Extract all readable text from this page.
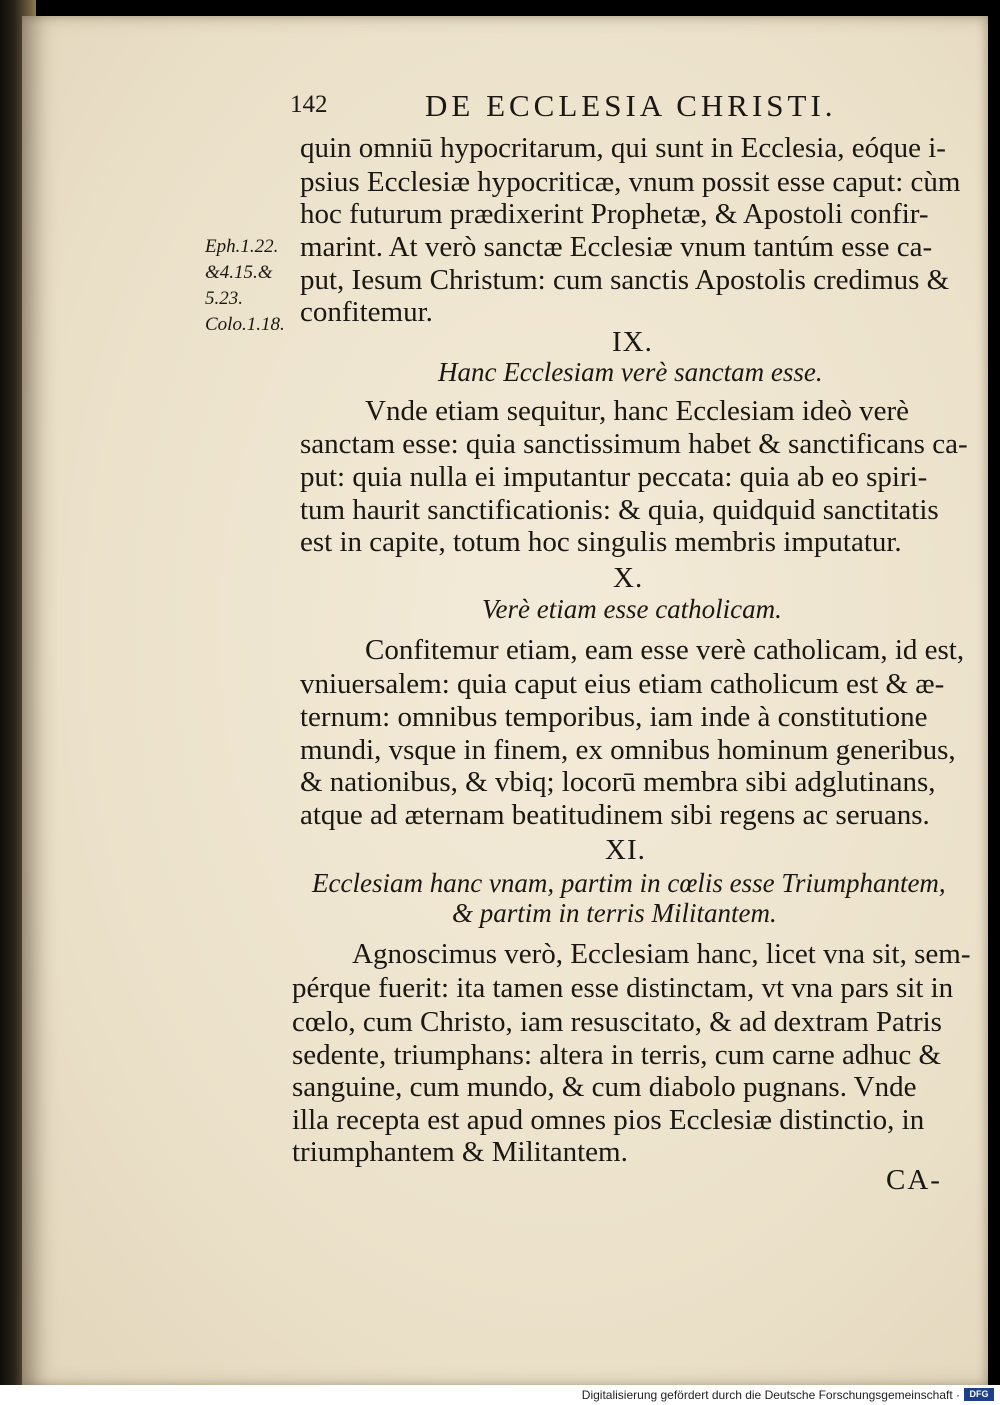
142	DE ECCLESIA CHRISTI.
quin omniū hypocritarum, qui sunt in Ecclesia, eóque i-
psius Ecclesiæ hypocriticæ, vnum possit esse caput: cùm
hoc futurum prædixerint Prophetæ, & Apostoli confir-
marint. At verò sanctæ Ecclesiæ vnum tantúm esse ca-
put, Iesum Christum: cum sanctis Apostolis credimus &
confitemur.
Eph.1.22.
&4.15.&
5.23.
Colo.1.18.
IX.
Hanc Ecclesiam verè sanctam esse.
Vnde etiam sequitur, hanc Ecclesiam ideò verè
sanctam esse: quia sanctissimum habet & sanctificans ca-
put: quia nulla ei imputantur peccata: quia ab eo spiri-
tum haurit sanctificationis: & quia, quidquid sanctitatis
est in capite, totum hoc singulis membris imputatur.
X.
Verè etiam esse catholicam.
Confitemur etiam, eam esse verè catholicam, id est,
vniuersalem: quia caput eius etiam catholicum est & æ-
ternum: omnibus temporibus, iam inde à constitutione
mundi, vsque in finem, ex omnibus hominum generibus,
& nationibus, & vbiq; locorū membra sibi adglutinans,
atque ad æternam beatitudinem sibi regens ac seruans.
XI.
Ecclesiam hanc vnam, partim in cœlis esse Triumphantem,
& partim in terris Militantem.
Agnoscimus verò, Ecclesiam hanc, licet vna sit, sem-
pérque fuerit: ita tamen esse distinctam, vt vna pars sit in
cœlo, cum Christo, iam resuscitato, & ad dextram Patris
sedente, triumphans: altera in terris, cum carne adhuc &
sanguine, cum mundo, & cum diabolo pugnans. Vnde
illa recepta est apud omnes pios Ecclesiæ distinctio, in
triumphantem & Militantem.
CA-
Digitalisierung gefördert durch die Deutsche Forschungsgemeinschaft ·	DFG
